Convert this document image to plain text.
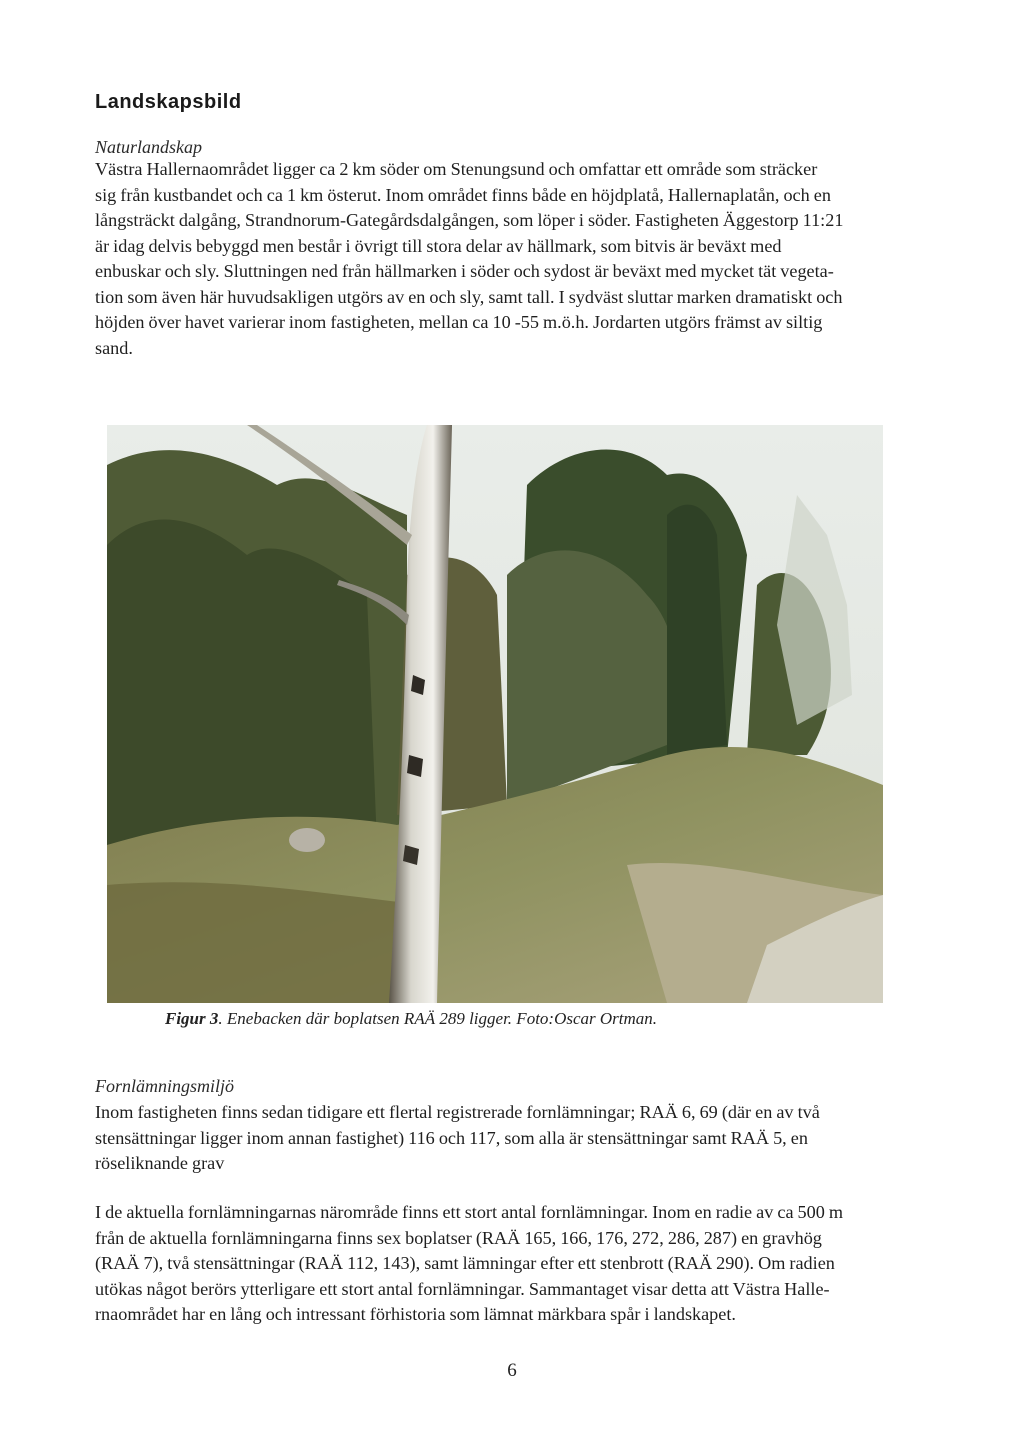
Landskapsbild
Naturlandskap

Västra Hallernaområdet ligger ca 2 km söder om Stenungsund och omfattar ett område som sträcker

sig från kustbandet och ca 1 km österut. Inom området finns både en höjdplatå, Hallernaplatån, och en

långsträckt dalgång, Strandnorum-Gategårdsdalgången, som löper i söder. Fastigheten Äggestorp 11:21

är idag delvis bebyggd men består i övrigt till stora delar av hällmark, som bitvis är beväxt med

enbuskar och sly. Sluttningen ned från hällmarken i söder och sydost är beväxt med mycket tät vegeta-

tion som även här huvudsakligen utgörs av en och sly, samt tall. I sydväst sluttar marken dramatiskt och

höjden över havet varierar inom fastigheten, mellan ca 10 -55 m.ö.h. Jordarten utgörs främst av siltig

sand.

Figur 3. Enebacken där boplatsen RAÄ 289 ligger. Foto:Oscar Ortman.

Fornlämningsmiljö

Inom fastigheten finns sedan tidigare ett flertal registrerade fornlämningar; RAÄ 6, 69 (där en av två

stensättningar ligger inom annan fastighet) 116 och 117, som alla är stensättningar samt RAÄ 5, en

röseliknande grav

I de aktuella fornlämningarnas närområde finns ett stort antal fornlämningar. Inom en radie av ca 500 m

från de aktuella fornlämningarna finns sex boplatser (RAÄ 165, 166, 176, 272, 286, 287) en gravhög

(RAÄ 7), två stensättningar (RAÄ 112, 143), samt lämningar efter ett stenbrott (RAÄ 290). Om radien

utökas något berörs ytterligare ett stort antal fornlämningar. Sammantaget visar detta att Västra Halle-

rnaområdet har en lång och intressant förhistoria som lämnat märkbara spår i landskapet.

6
